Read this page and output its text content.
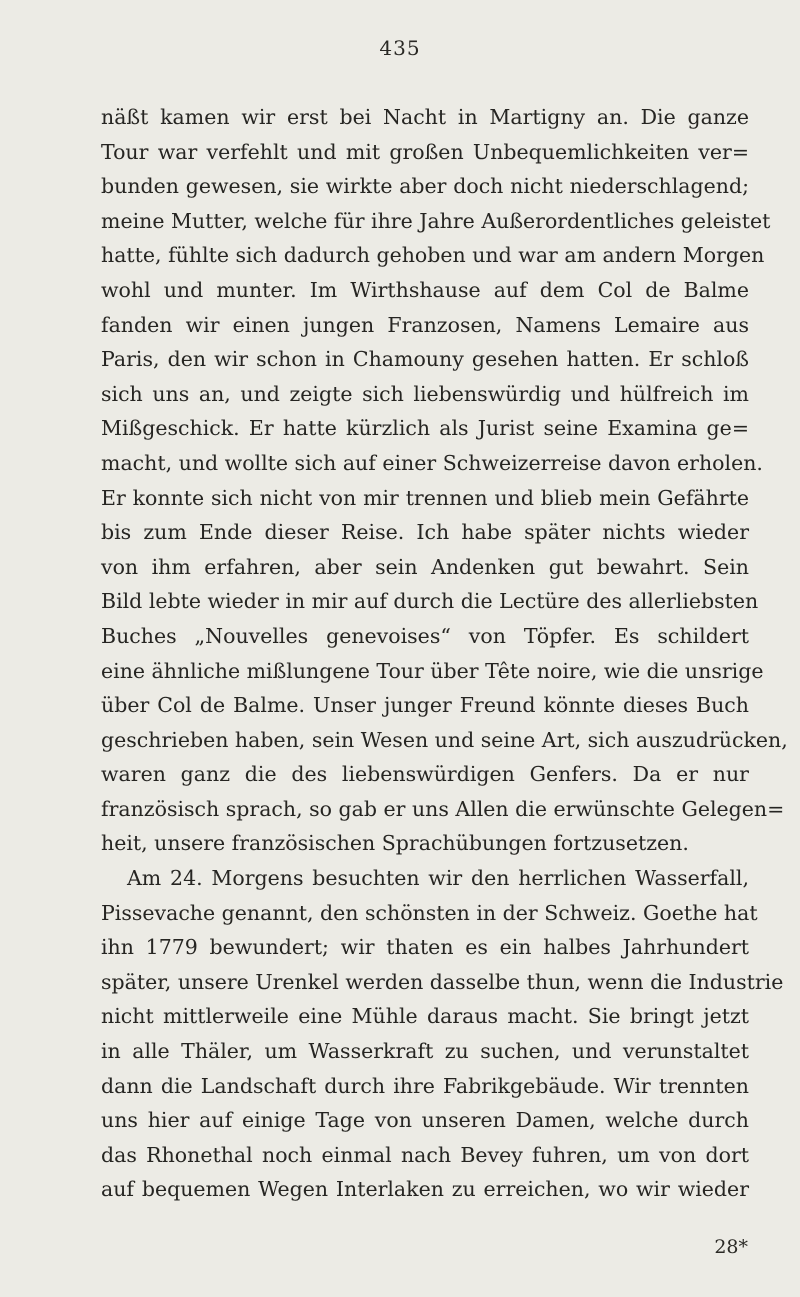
435
näßt kamen wir erst bei Nacht in Martigny an. Die ganze
Tour war verfehlt und mit großen Unbequemlichkeiten ver=
bunden gewesen, sie wirkte aber doch nicht niederschlagend;
meine Mutter, welche für ihre Jahre Außerordentliches geleistet
hatte, fühlte sich dadurch gehoben und war am andern Morgen
wohl und munter. Im Wirthshause auf dem Col de Balme
fanden wir einen jungen Franzosen, Namens Lemaire aus
Paris, den wir schon in Chamouny gesehen hatten. Er schloß
sich uns an, und zeigte sich liebenswürdig und hülfreich im
Mißgeschick. Er hatte kürzlich als Jurist seine Examina ge=
macht, und wollte sich auf einer Schweizerreise davon erholen.
Er konnte sich nicht von mir trennen und blieb mein Gefährte
bis zum Ende dieser Reise. Ich habe später nichts wieder
von ihm erfahren, aber sein Andenken gut bewahrt. Sein
Bild lebte wieder in mir auf durch die Lectüre des allerliebsten
Buches „Nouvelles genevoises“ von Töpfer. Es schildert
eine ähnliche mißlungene Tour über Tête noire, wie die unsrige
über Col de Balme. Unser junger Freund könnte dieses Buch
geschrieben haben, sein Wesen und seine Art, sich auszudrücken,
waren ganz die des liebenswürdigen Genfers. Da er nur
französisch sprach, so gab er uns Allen die erwünschte Gelegen=
heit, unsere französischen Sprachübungen fortzusetzen.
Am 24. Morgens besuchten wir den herrlichen Wasserfall,
Pissevache genannt, den schönsten in der Schweiz. Goethe hat
ihn 1779 bewundert; wir thaten es ein halbes Jahrhundert
später, unsere Urenkel werden dasselbe thun, wenn die Industrie
nicht mittlerweile eine Mühle daraus macht. Sie bringt jetzt
in alle Thäler, um Wasserkraft zu suchen, und verunstaltet
dann die Landschaft durch ihre Fabrikgebäude. Wir trennten
uns hier auf einige Tage von unseren Damen, welche durch
das Rhonethal noch einmal nach Bevey fuhren, um von dort
auf bequemen Wegen Interlaken zu erreichen, wo wir wieder
28*
